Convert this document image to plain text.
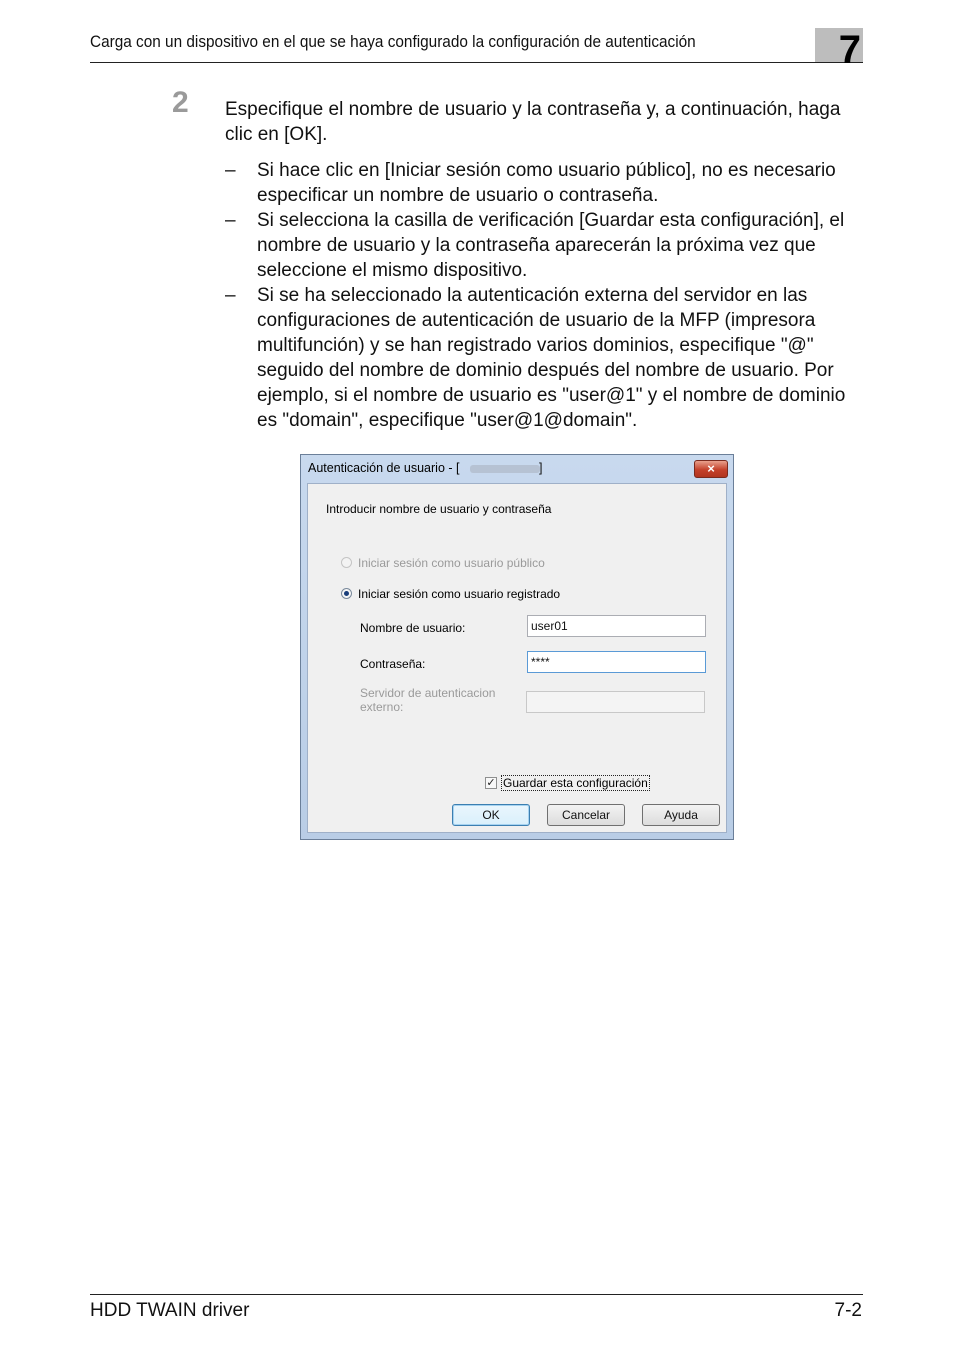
Carga con un dispositivo en el que se haya configurado la configuración de autenticación	7
2 Especifique el nombre de usuario y la contraseña y, a continuación, haga clic en [OK].
– Si hace clic en [Iniciar sesión como usuario público], no es necesario especificar un nombre de usuario o contraseña.
– Si selecciona la casilla de verificación [Guardar esta configuración], el nombre de usuario y la contraseña aparecerán la próxima vez que seleccione el mismo dispositivo.
– Si se ha seleccionado la autenticación externa del servidor en las configuraciones de autenticación de usuario de la MFP (impresora multifunción) y se han registrado varios dominios, especifique "@" seguido del nombre de dominio después del nombre de usuario. Por ejemplo, si el nombre de usuario es "user@1" y el nombre de dominio es "domain", especifique "user@1@domain".
Autenticación de usuario - [	]	×
Introducir nombre de usuario y contraseña
Iniciar sesión como usuario público
Iniciar sesión como usuario registrado
Nombre de usuario:	user01
Contraseña:	****
Servidor de autenticacion
externo:
✓ Guardar esta configuración
OK	Cancelar	Ayuda
HDD TWAIN driver	7-2
